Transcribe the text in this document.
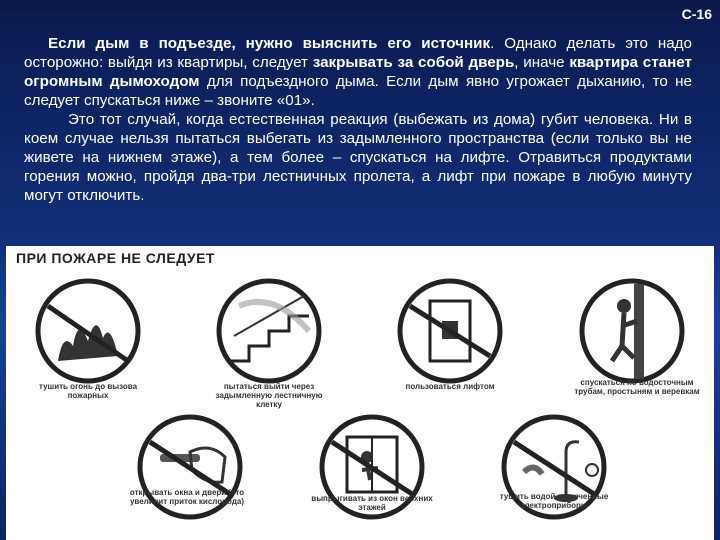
С-16

Если дым в подъезде, нужно выяснить его источник. Однако делать это надо осторожно: выйдя из квартиры, следует закрывать за собой дверь, иначе квартира станет огромным дымоходом для подъездного дыма. Если дым явно угрожает дыханию, то не следует спускаться ниже – звоните «01».

Это тот случай, когда естественная реакция (выбежать из дома) губит человека. Ни в коем случае нельзя пытаться выбегать из задымленного пространства (если только вы не живете на нижнем этаже), а тем более – спускаться на лифте. Отравиться продуктами горения можно, пройдя два-три лестничных пролета, а лифт при пожаре в любую минуту могут отключить.

ПРИ ПОЖАРЕ НЕ СЛЕДУЕТ
тушить огонь до вызова пожарных
пытаться выйти через задымленную лестничную клетку
пользоваться лифтом	спускаться по водосточным трубам, простыням и веревкам
открывать окна и двери (это увеличит приток кислорода)	выпрыгивать из окон верхних этажей
тушить водой включенные электроприборы
